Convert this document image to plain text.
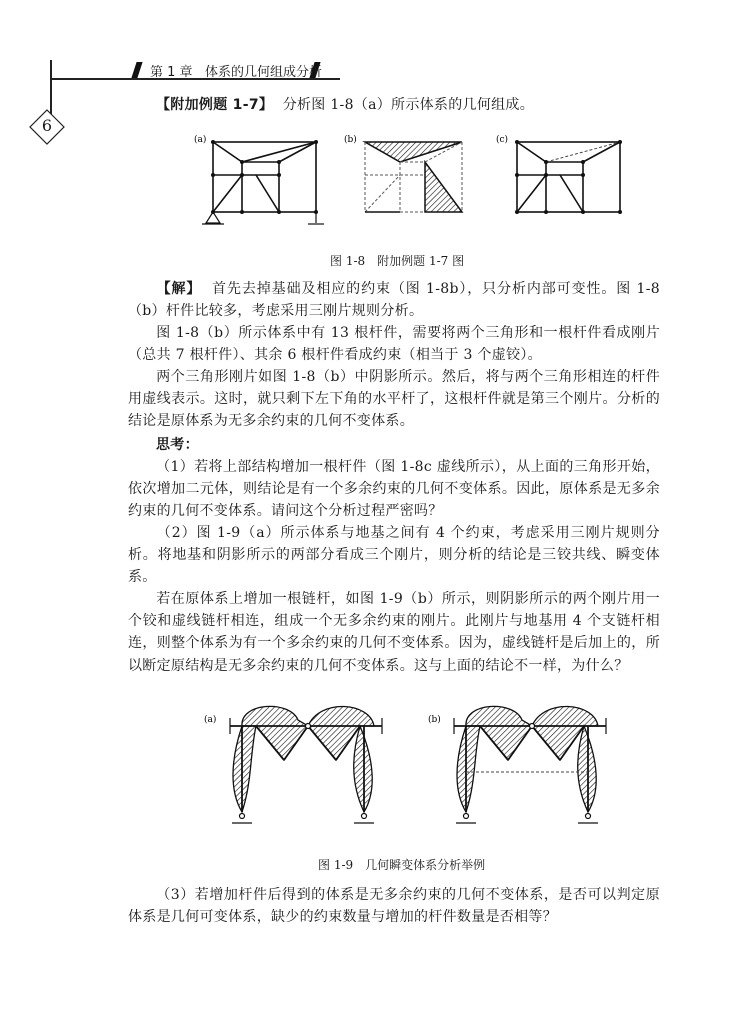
第 1 章 体系的几何组成分析
6
【附加例题 1-7】 分析图 1-8（a）所示体系的几何组成。
(a)	(b)	(c)
图 1-8　附加例题 1-7 图
【解】 首先去掉基础及相应的约束（图 1-8b），只分析内部可变性。图 1-8（b）杆件比较多，考虑采用三刚片规则分析。
图 1-8（b）所示体系中有 13 根杆件，需要将两个三角形和一根杆件看成刚片（总共 7 根杆件）、其余 6 根杆件看成约束（相当于 3 个虚铰）。
两个三角形刚片如图 1-8（b）中阴影所示。然后，将与两个三角形相连的杆件用虚线表示。这时，就只剩下左下角的水平杆了，这根杆件就是第三个刚片。分析的结论是原体系为无多余约束的几何不变体系。
思考：
（1）若将上部结构增加一根杆件（图 1-8c 虚线所示），从上面的三角形开始，依次增加二元体，则结论是有一个多余约束的几何不变体系。因此，原体系是无多余约束的几何不变体系。请问这个分析过程严密吗？
（2）图 1-9（a）所示体系与地基之间有 4 个约束，考虑采用三刚片规则分析。将地基和阴影所示的两部分看成三个刚片，则分析的结论是三铰共线、瞬变体系。
若在原体系上增加一根链杆，如图 1-9（b）所示，则阴影所示的两个刚片用一个铰和虚线链杆相连，组成一个无多余约束的刚片。此刚片与地基用 4 个支链杆相连，则整个体系为有一个多余约束的几何不变体系。因为，虚线链杆是后加上的，所以断定原结构是无多余约束的几何不变体系。这与上面的结论不一样，为什么？
(a)	(b)
图 1-9　几何瞬变体系分析举例
（3）若增加杆件后得到的体系是无多余约束的几何不变体系，是否可以判定原体系是几何可变体系，缺少的约束数量与增加的杆件数量是否相等？
